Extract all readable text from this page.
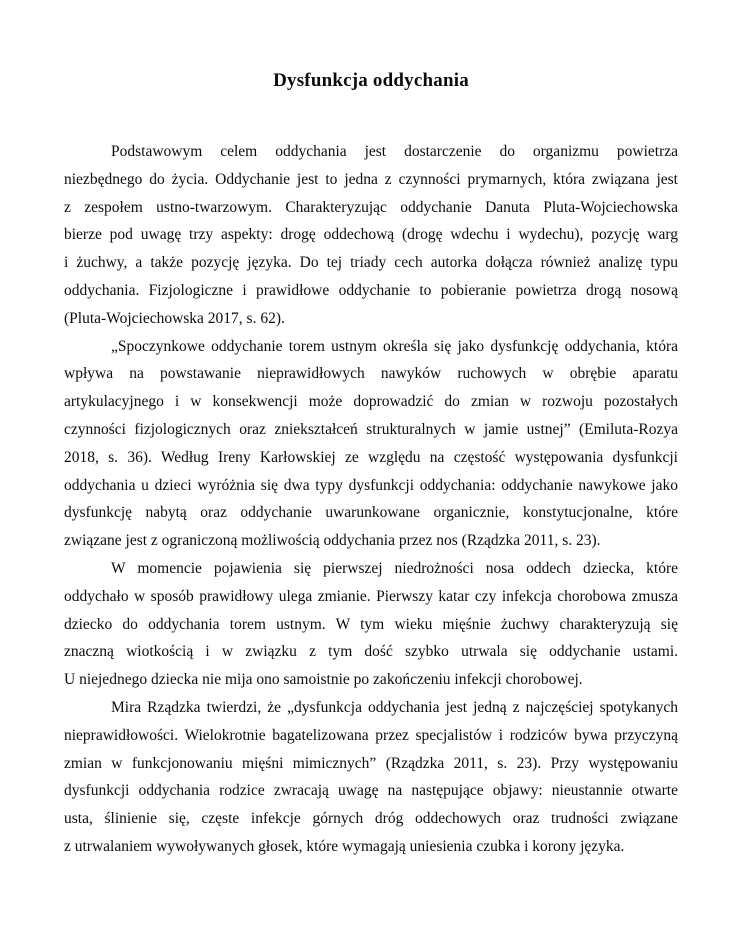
Dysfunkcja oddychania

Podstawowym celem oddychania jest dostarczenie do organizmu powietrza
niezbędnego do życia. Oddychanie jest to jedna z czynności prymarnych, która związana jest
z zespołem ustno-twarzowym. Charakteryzując oddychanie Danuta Pluta-Wojciechowska
bierze pod uwagę trzy aspekty: drogę oddechową (drogę wdechu i wydechu), pozycję warg
i żuchwy, a także pozycję języka. Do tej triady cech autorka dołącza również analizę typu
oddychania. Fizjologiczne i prawidłowe oddychanie to pobieranie powietrza drogą nosową
(Pluta-Wojciechowska 2017, s. 62).

„Spoczynkowe oddychanie torem ustnym określa się jako dysfunkcję oddychania, która
wpływa na powstawanie nieprawidłowych nawyków ruchowych w obrębie aparatu
artykulacyjnego i w konsekwencji może doprowadzić do zmian w rozwoju pozostałych
czynności fizjologicznych oraz zniekształceń strukturalnych w jamie ustnej” (Emiluta-Rozya
2018, s. 36). Według Ireny Karłowskiej ze względu na częstość występowania dysfunkcji
oddychania u dzieci wyróżnia się dwa typy dysfunkcji oddychania: oddychanie nawykowe jako
dysfunkcję nabytą oraz oddychanie uwarunkowane organicznie, konstytucjonalne, które
związane jest z ograniczoną możliwością oddychania przez nos (Rządzka 2011, s. 23).

W momencie pojawienia się pierwszej niedrożności nosa oddech dziecka, które
oddychało w sposób prawidłowy ulega zmianie. Pierwszy katar czy infekcja chorobowa zmusza
dziecko do oddychania torem ustnym. W tym wieku mięśnie żuchwy charakteryzują się
znaczną wiotkością i w związku z tym dość szybko utrwala się oddychanie ustami.
U niejednego dziecka nie mija ono samoistnie po zakończeniu infekcji chorobowej.

Mira Rządzka twierdzi, że „dysfunkcja oddychania jest jedną z najczęściej spotykanych
nieprawidłowości. Wielokrotnie bagatelizowana przez specjalistów i rodziców bywa przyczyną
zmian w funkcjonowaniu mięśni mimicznych” (Rządzka 2011, s. 23). Przy występowaniu
dysfunkcji oddychania rodzice zwracają uwagę na następujące objawy: nieustannie otwarte
usta, ślinienie się, częste infekcje górnych dróg oddechowych oraz trudności związane
z utrwalaniem wywoływanych głosek, które wymagają uniesienia czubka i korony języka.
